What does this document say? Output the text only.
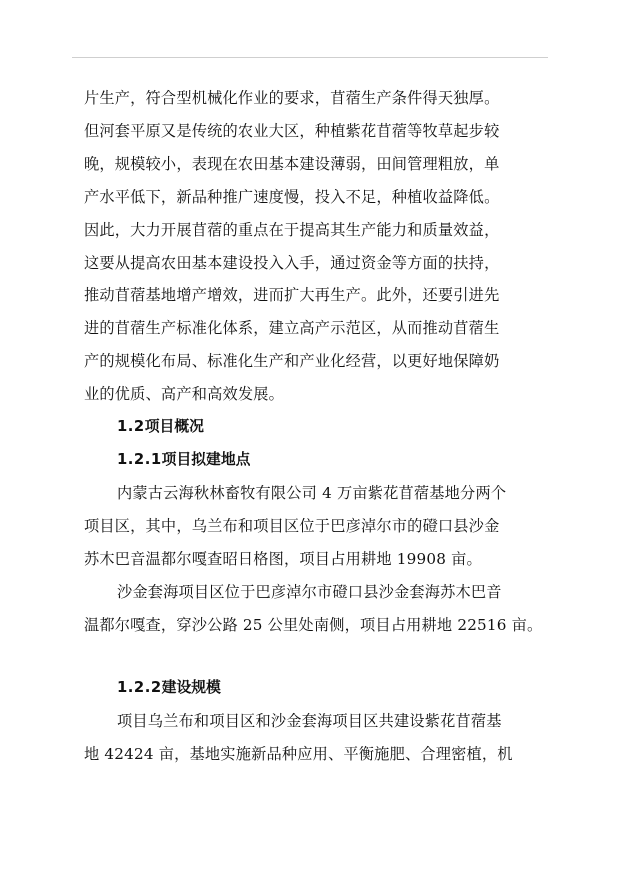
片生产，符合型机械化作业的要求，苜蓿生产条件得天独厚。
但河套平原又是传统的农业大区，种植紫花苜蓿等牧草起步较
晚，规模较小，表现在农田基本建设薄弱，田间管理粗放，单
产水平低下，新品种推广速度慢，投入不足，种植收益降低。
因此，大力开展苜蓿的重点在于提高其生产能力和质量效益，
这要从提高农田基本建设投入入手，通过资金等方面的扶持，
推动苜蓿基地增产增效，进而扩大再生产。此外，还要引进先
进的苜蓿生产标准化体系，建立高产示范区，从而推动苜蓿生
产的规模化布局、标准化生产和产业化经营，以更好地保障奶
业的优质、高产和高效发展。
1.2项目概况
1.2.1项目拟建地点
内蒙古云海秋林畜牧有限公司 4 万亩紫花苜蓿基地分两个
项目区，其中，乌兰布和项目区位于巴彦淖尔市的磴口县沙金
苏木巴音温都尔嘎查昭日格图，项目占用耕地 19908 亩。
沙金套海项目区位于巴彦淖尔市磴口县沙金套海苏木巴音
温都尔嘎查，穿沙公路 25 公里处南侧，项目占用耕地 22516 亩。
1.2.2建设规模
项目乌兰布和项目区和沙金套海项目区共建设紫花苜蓿基
地 42424 亩，基地实施新品种应用、平衡施肥、合理密植，机
